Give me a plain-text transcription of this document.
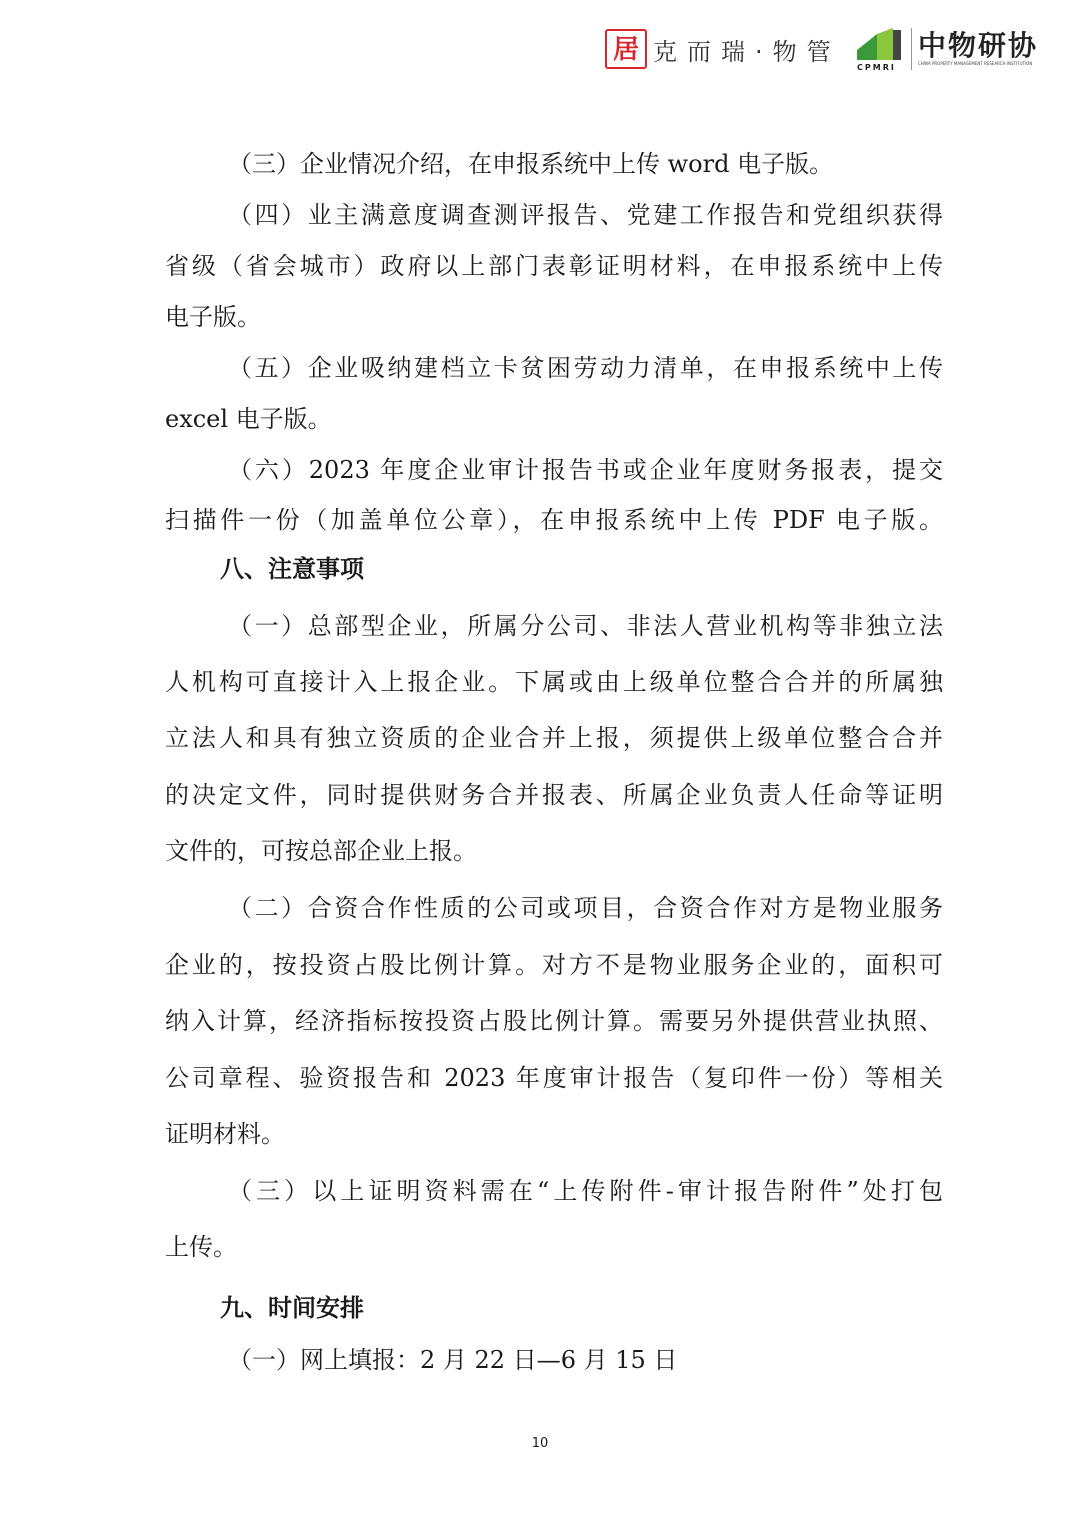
居 克而瑞·物管
CPMRI
中物研协
CHINA PROPERTY MANAGEMENT RESEARCH INSTITUTION
（三）企业情况介绍，在申报系统中上传 word 电子版。
（四）业主满意度调查测评报告、党建工作报告和党组织获得
省级（省会城市）政府以上部门表彰证明材料，在申报系统中上传
电子版。
（五）企业吸纳建档立卡贫困劳动力清单，在申报系统中上传
excel 电子版。
（六）2023 年度企业审计报告书或企业年度财务报表，提交
扫描件一份（加盖单位公章），在申报系统中上传 PDF 电子版。
八、注意事项
（一）总部型企业，所属分公司、非法人营业机构等非独立法
人机构可直接计入上报企业。下属或由上级单位整合合并的所属独
立法人和具有独立资质的企业合并上报，须提供上级单位整合合并
的决定文件，同时提供财务合并报表、所属企业负责人任命等证明
文件的，可按总部企业上报。
（二）合资合作性质的公司或项目，合资合作对方是物业服务
企业的，按投资占股比例计算。对方不是物业服务企业的，面积可
纳入计算，经济指标按投资占股比例计算。需要另外提供营业执照、
公司章程、验资报告和 2023 年度审计报告（复印件一份）等相关
证明材料。
（三）以上证明资料需在“上传附件-审计报告附件”处打包
上传。
九、时间安排
（一）网上填报：2 月 22 日—6 月 15 日
10
